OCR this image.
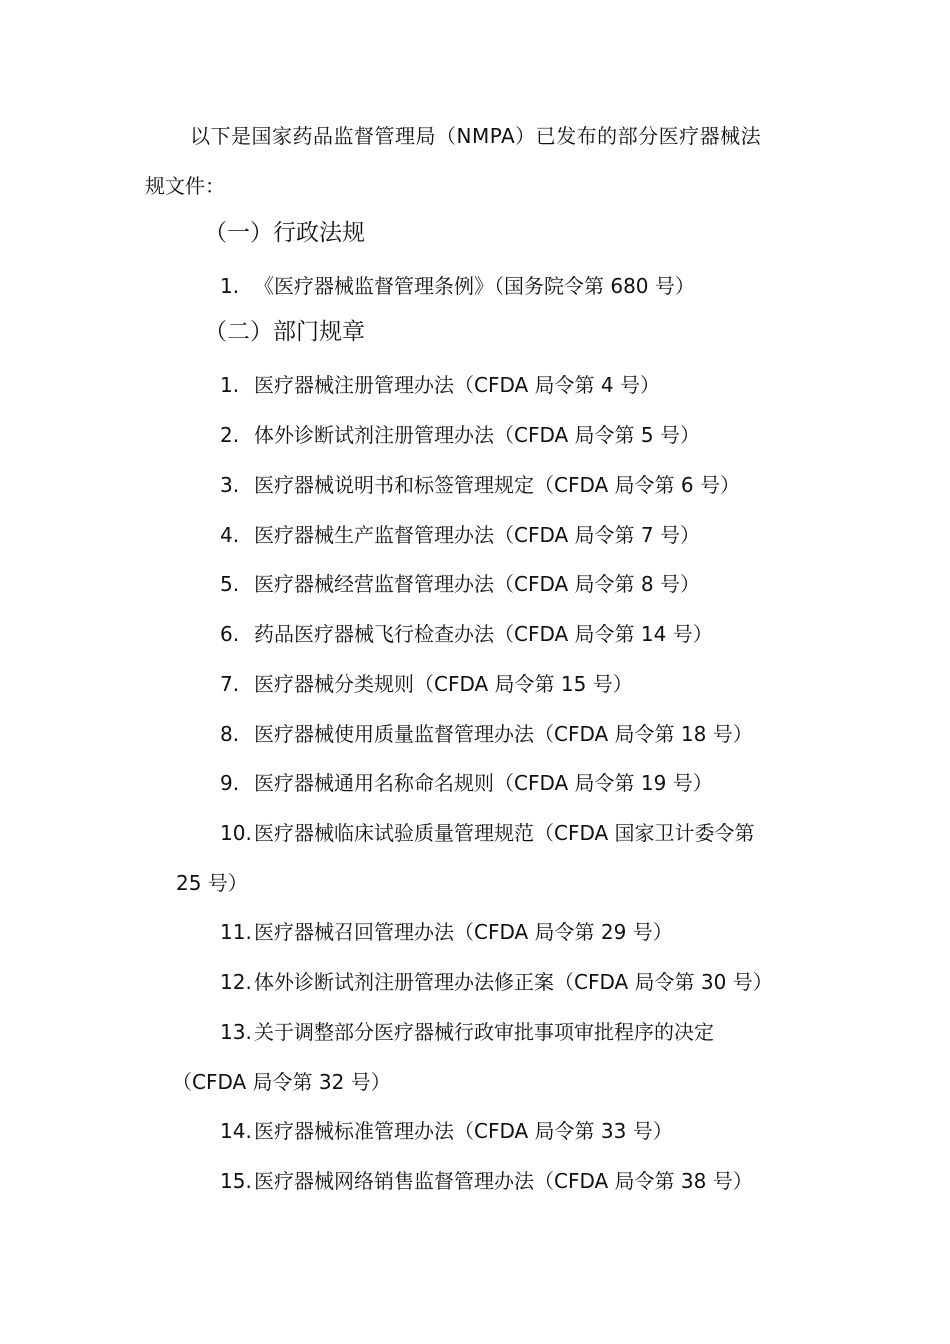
以下是国家药品监督管理局（NMPA）已发布的部分医疗器械法
规文件：
（一）行政法规
1. 《医疗器械监督管理条例》（国务院令第 680 号）
（二）部门规章
1. 医疗器械注册管理办法（CFDA 局令第 4 号）
2. 体外诊断试剂注册管理办法（CFDA 局令第 5 号）
3. 医疗器械说明书和标签管理规定（CFDA 局令第 6 号）
4. 医疗器械生产监督管理办法（CFDA 局令第 7 号）
5. 医疗器械经营监督管理办法（CFDA 局令第 8 号）
6. 药品医疗器械飞行检查办法（CFDA 局令第 14 号）
7. 医疗器械分类规则（CFDA 局令第 15 号）
8. 医疗器械使用质量监督管理办法（CFDA 局令第 18 号）
9. 医疗器械通用名称命名规则（CFDA 局令第 19 号）
10. 医疗器械临床试验质量管理规范（CFDA 国家卫计委令第
25 号）
11. 医疗器械召回管理办法（CFDA 局令第 29 号）
12. 体外诊断试剂注册管理办法修正案（CFDA 局令第 30 号）
13. 关于调整部分医疗器械行政审批事项审批程序的决定
（CFDA 局令第 32 号）
14. 医疗器械标准管理办法（CFDA 局令第 33 号）
15. 医疗器械网络销售监督管理办法（CFDA 局令第 38 号）
